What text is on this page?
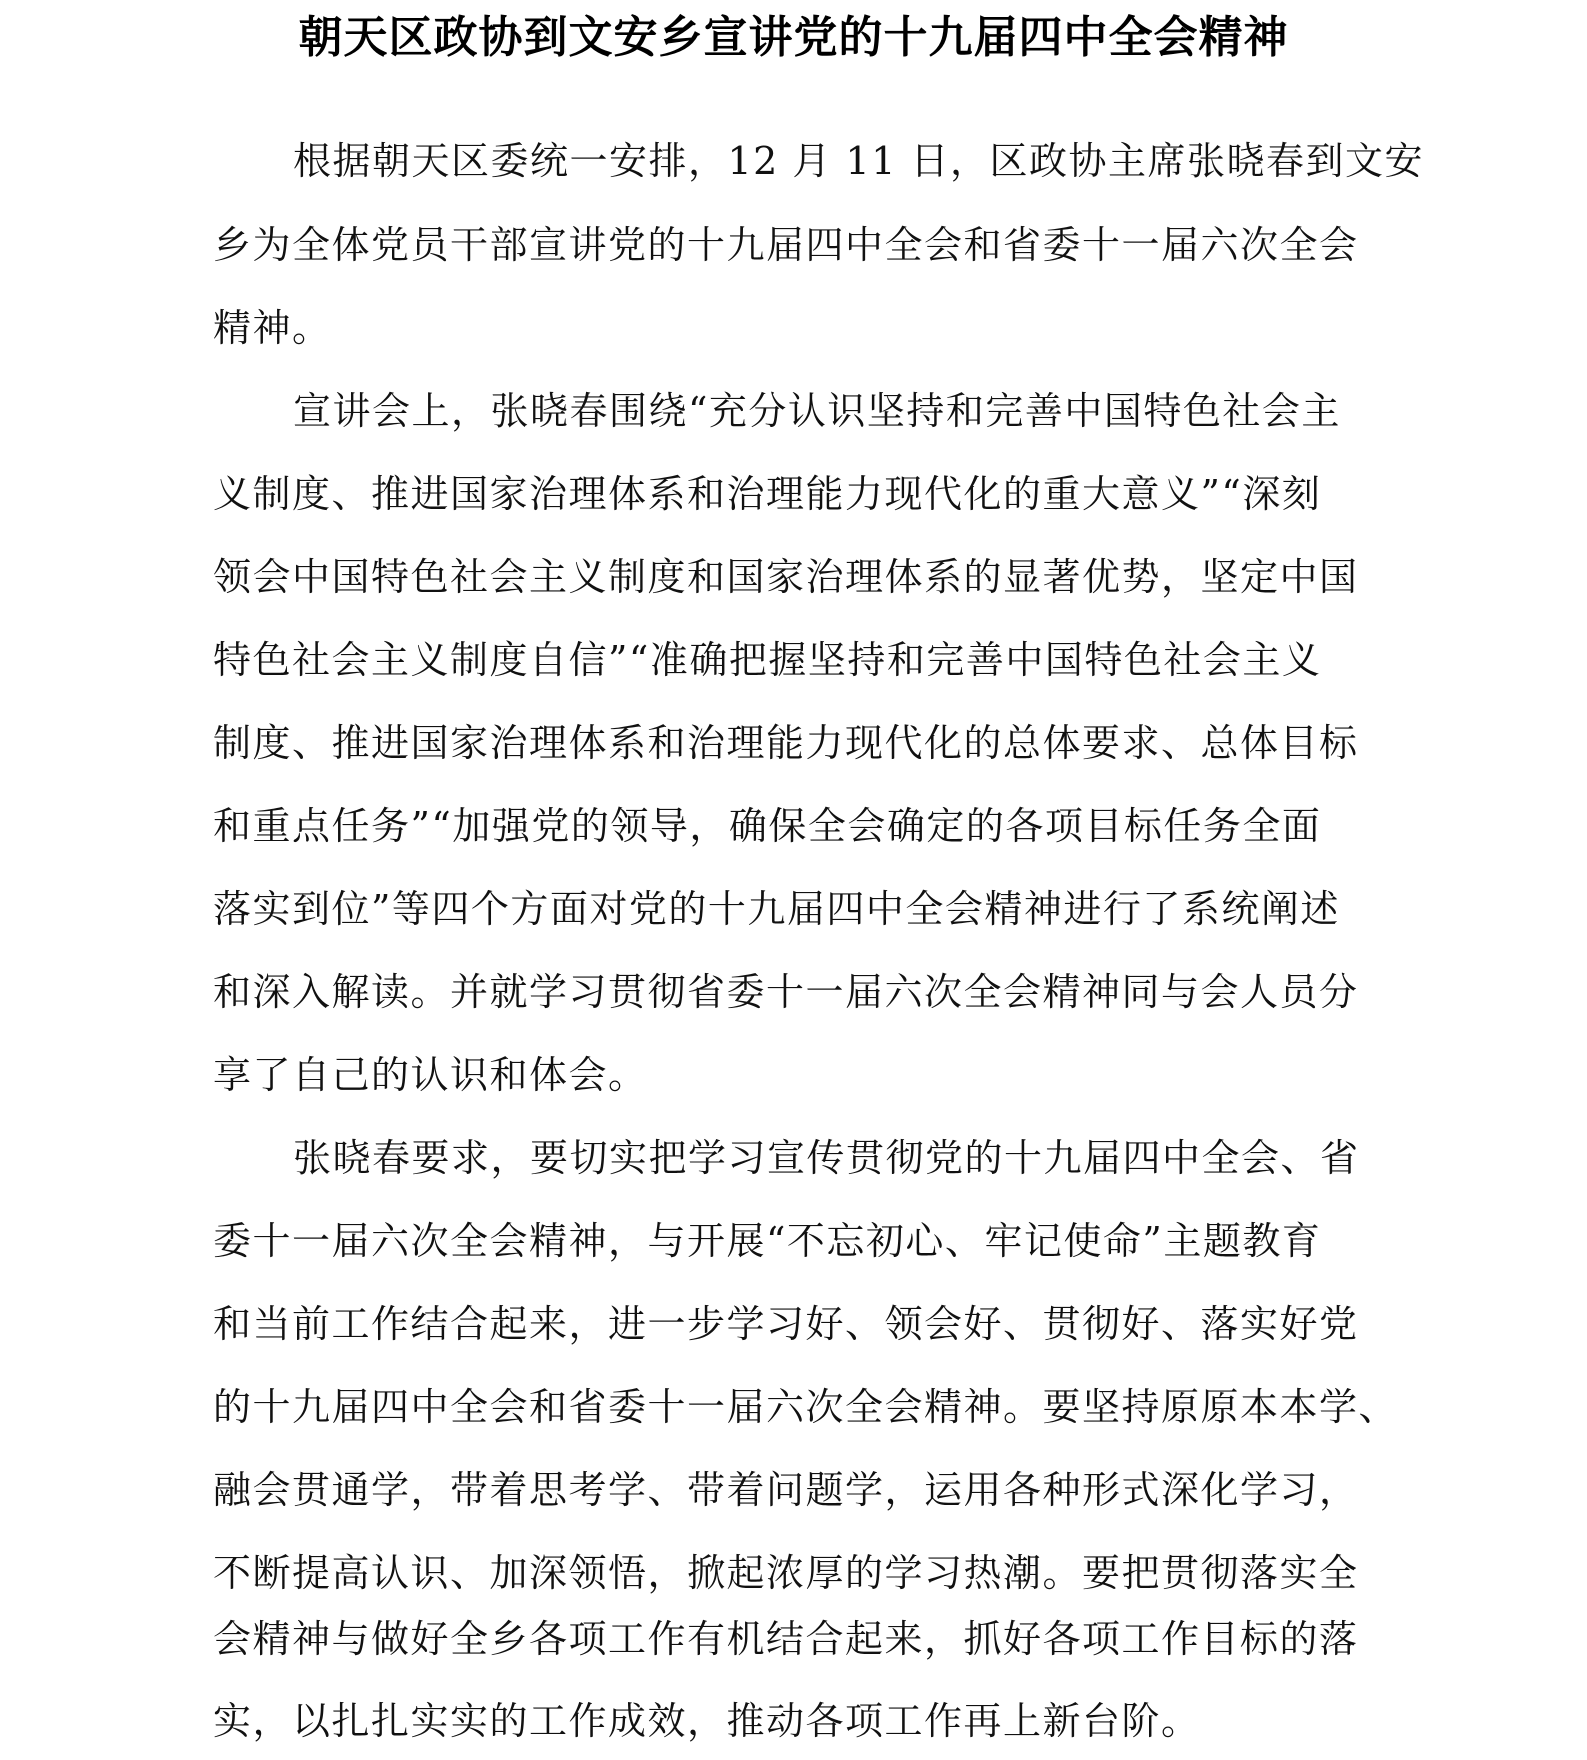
朝天区政协到文安乡宣讲党的十九届四中全会精神
根据朝天区委统一安排，12 月 11 日，区政协主席张晓春到文安
乡为全体党员干部宣讲党的十九届四中全会和省委十一届六次全会
精神。
宣讲会上，张晓春围绕“充分认识坚持和完善中国特色社会主
义制度、推进国家治理体系和治理能力现代化的重大意义”“深刻
领会中国特色社会主义制度和国家治理体系的显著优势，坚定中国
特色社会主义制度自信”“准确把握坚持和完善中国特色社会主义
制度、推进国家治理体系和治理能力现代化的总体要求、总体目标
和重点任务”“加强党的领导，确保全会确定的各项目标任务全面
落实到位”等四个方面对党的十九届四中全会精神进行了系统阐述
和深入解读。并就学习贯彻省委十一届六次全会精神同与会人员分
享了自己的认识和体会。
张晓春要求，要切实把学习宣传贯彻党的十九届四中全会、省
委十一届六次全会精神，与开展“不忘初心、牢记使命”主题教育
和当前工作结合起来，进一步学习好、领会好、贯彻好、落实好党
的十九届四中全会和省委十一届六次全会精神。要坚持原原本本学、
融会贯通学，带着思考学、带着问题学，运用各种形式深化学习，
不断提高认识、加深领悟，掀起浓厚的学习热潮。要把贯彻落实全
会精神与做好全乡各项工作有机结合起来，抓好各项工作目标的落
实，以扎扎实实的工作成效，推动各项工作再上新台阶。
